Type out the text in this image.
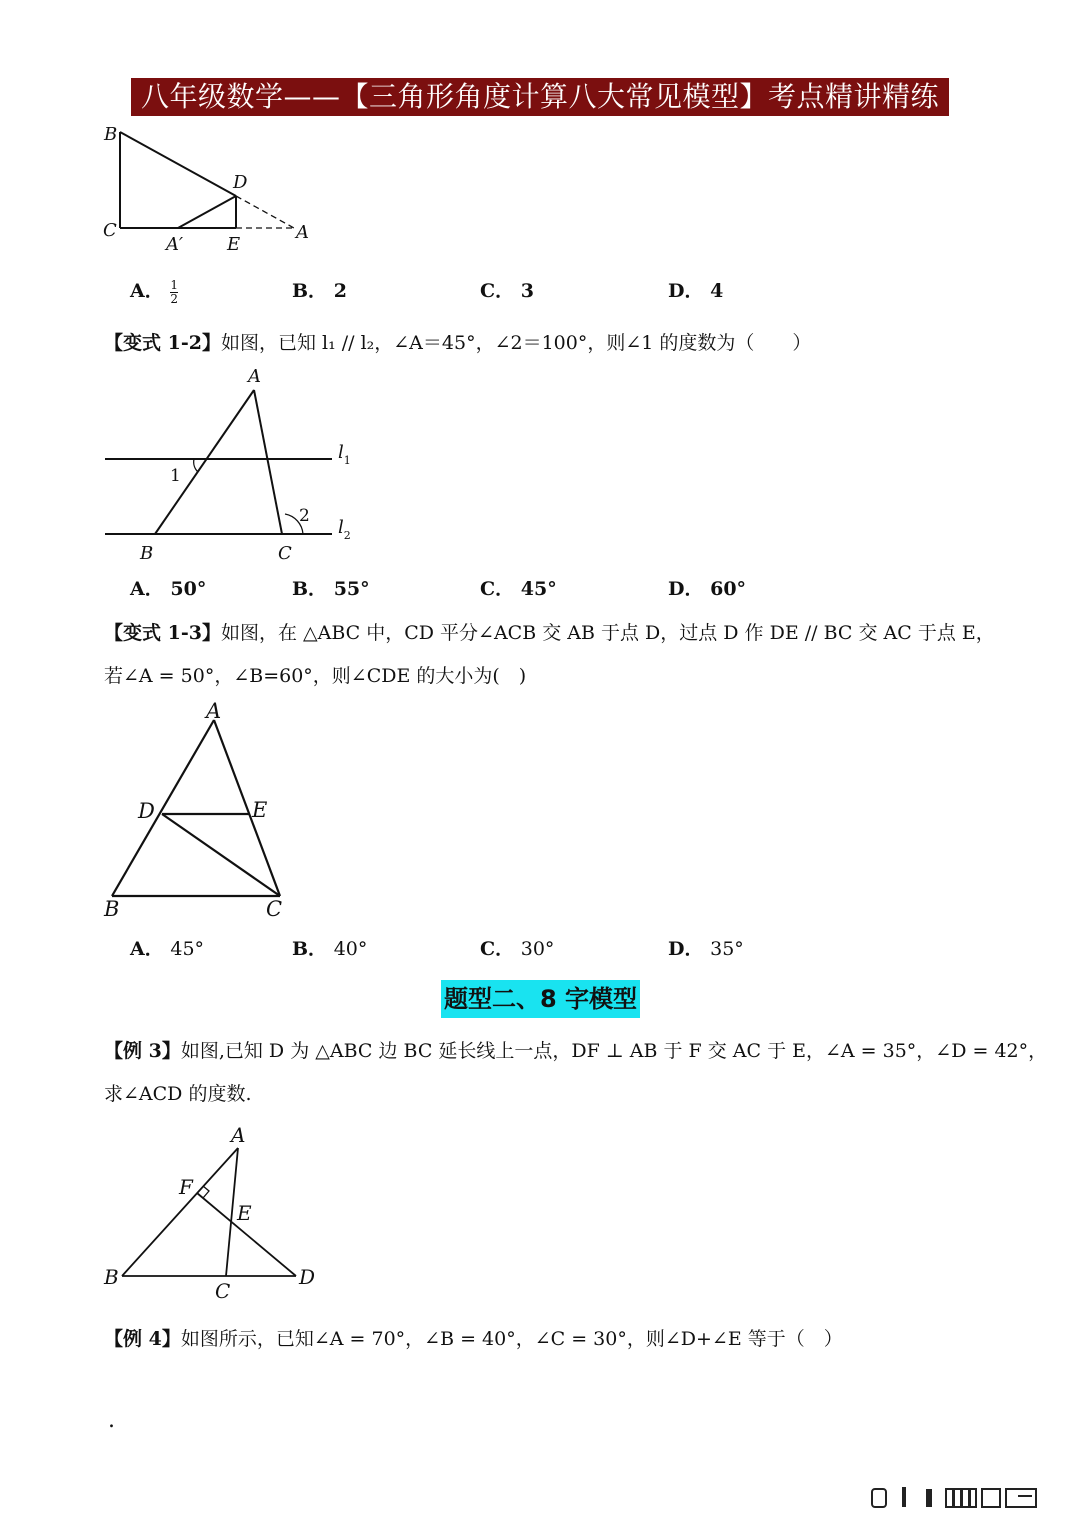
八年级数学——【三角形角度计算八大常见模型】考点精讲精练
B
C
D
A
A′ E
A． $\frac{1}{2}$	B． 2	C． 3	D． 4
【变式 1-2】如图，已知 l₁ // l₂，∠A＝45°，∠2＝100°，则∠1 的度数为（　　）
A
B	C
1
2
$l_1$
$l_2$
A． 50°	B． 55°	C． 45°	D． 60°
【变式 1-3】如图，在 △ABC 中，CD 平分∠ACB 交 AB 于点 D，过点 D 作 DE // BC 交 AC 于点 E，
若∠A = 50°，∠B=60°，则∠CDE 的大小为(　)
A
D	E
B	C
A． 45°	B． 40°	C． 30°	D． 35°
题型二、8 字模型
【例 3】如图,已知 D 为 △ABC 边 BC 延长线上一点，DF ⊥ AB 于 F 交 AC 于 E，∠A = 35°，∠D = 42°，
求∠ACD 的度数.
A
F
E
B
C
D
【例 4】如图所示，已知∠A = 70°，∠B = 40°，∠C = 30°，则∠D+∠E 等于（　）
.
